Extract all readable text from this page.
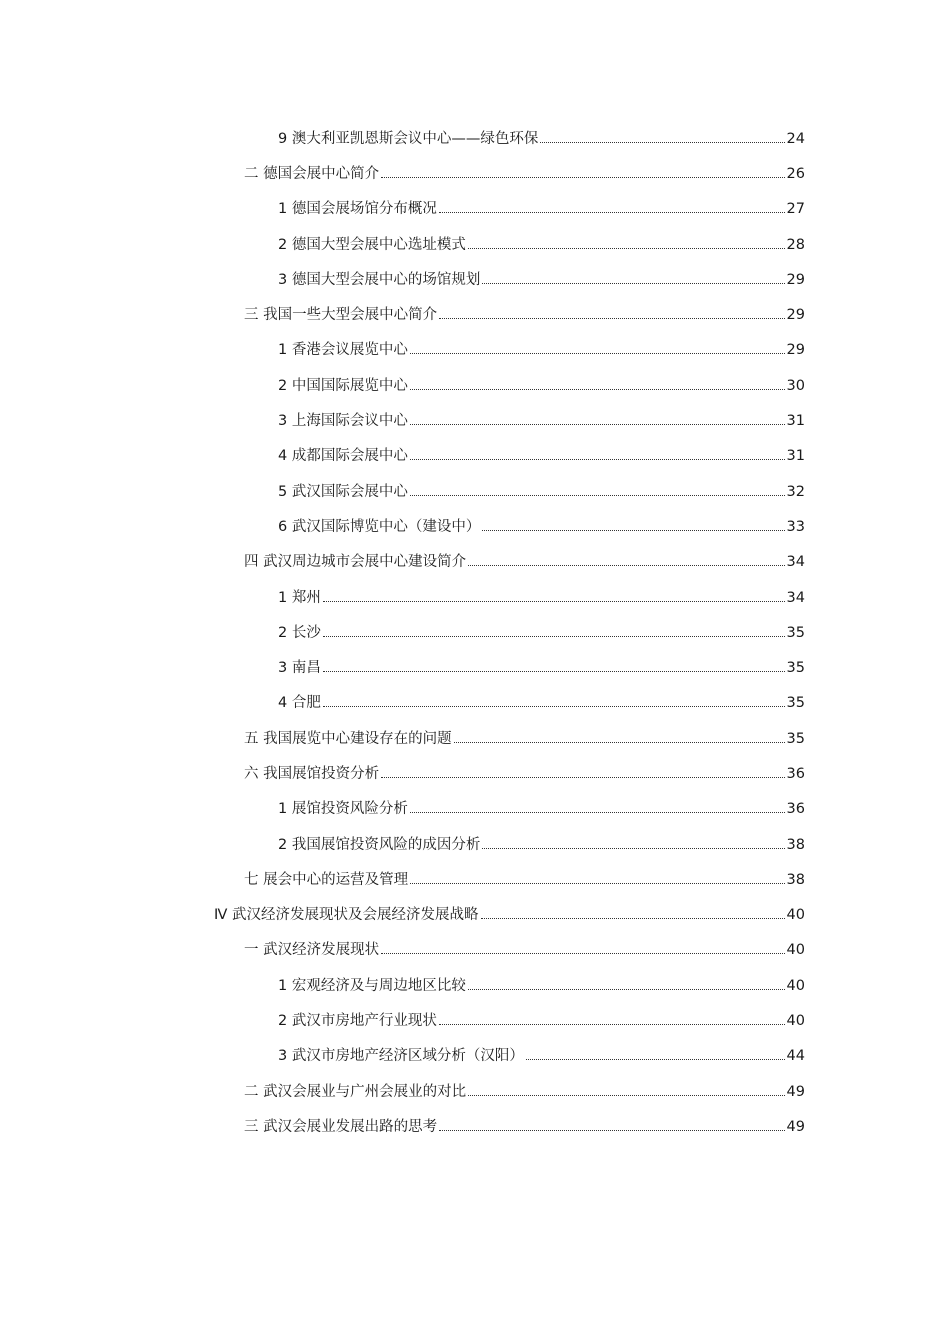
9 澳大利亚凯恩斯会议中心——绿色环保	24
二 德国会展中心简介	26
1 德国会展场馆分布概况	27
2 德国大型会展中心选址模式	28
3 德国大型会展中心的场馆规划	29
三 我国一些大型会展中心简介	29
1 香港会议展览中心	29
2 中国国际展览中心	30
3 上海国际会议中心	31
4 成都国际会展中心	31
5 武汉国际会展中心	32
6 武汉国际博览中心（建设中）	33
四 武汉周边城市会展中心建设简介	34
1 郑州	34
2 长沙	35
3 南昌	35
4 合肥	35
五 我国展览中心建设存在的问题	35
六 我国展馆投资分析	36
1 展馆投资风险分析	36
2 我国展馆投资风险的成因分析	38
七 展会中心的运营及管理	38
Ⅳ 武汉经济发展现状及会展经济发展战略	40
一 武汉经济发展现状	40
1 宏观经济及与周边地区比较	40
2 武汉市房地产行业现状	40
3 武汉市房地产经济区域分析（汉阳）	44
二 武汉会展业与广州会展业的对比	49
三 武汉会展业发展出路的思考	49
